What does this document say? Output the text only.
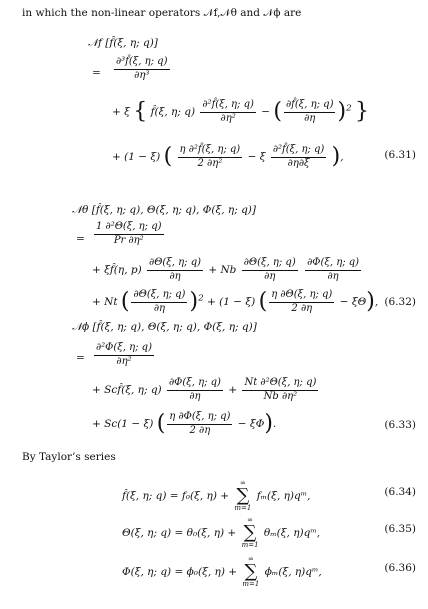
in which the non-linear operators 𝒩f,𝒩θ and 𝒩ϕ are
𝒩f [f̂(ξ, η; q)]
= $\frac{\text{∂³f̂(ξ, η; q)}}{\text{∂η³}}$
+ ξ { f̂(ξ, η; $q) \frac{\text{∂²f̂(ξ, η; q)}}{\text{∂η²}}$ − ( $\frac{\partial f̂(\xi, \eta; q)}{\partial\eta} )^2$ }
+ (1 − ξ) ( $\frac{\text{η ∂²f̂(ξ, η; q)}}{\text{2 ∂η²}} - \xi \frac{\text{∂²f̂(ξ, η; q)}}{\partial\eta\partial\xi}$ ),	(6.31)
𝒩θ [f̂(ξ, η; q), Θ(ξ, η; q), Φ(ξ, η; q)]
= $\frac{\text{1 ∂²Θ(ξ, η; q)}}{\text{Pr ∂η²}}$
+ ξf̂(η, $p) \frac{\partial\Theta(\xi, \eta; q)}{\partial\eta} + Nb \frac{\partial\Theta(\xi, \eta; q)}{\partial\eta}$
$\frac{\partial\Phi(\xi, \eta; q)}{\partial\eta}$
+ Nt ( $\frac{\partial\Theta(\xi, \eta; q)}{\partial\eta} )^2 + (1 - \xi)$ ( $\frac{\eta \partial\Theta(\xi, \eta; q)}{2 \partial\eta} - \xi\Theta$), (6.32)
𝒩ϕ [f̂(ξ, η; q), Θ(ξ, η; q), Φ(ξ, η; q)]
= $\frac{\text{∂²Φ(ξ, η; q)}}{\text{∂η²}}$
+ Scf̂(ξ, η; $q) \frac{\partial\Phi(\xi, \eta; q)}{\partial\eta} + \frac{\text{Nt ∂²Θ(ξ, η; q)}}{\text{Nb ∂η²}}$
+ Sc(1 − ξ) ( $\frac{\eta \partial\Phi(\xi, \eta; q)}{2 \partial\eta} - \xi\Phi$).	(6.33)
By Taylor’s series
f̂(ξ, η; q) = f₀(ξ, η) +
∞
∑
m=1
fₘ(ξ, η)qᵐ,	(6.34)
Θ(ξ, η; q) = θ₀(ξ, η) +
∞
∑
m=1
θₘ(ξ, η)qᵐ,	(6.35)
Φ(ξ, η; q) = ϕ₀(ξ, η) +
∞
∑
m=1
ϕₘ(ξ, η)qᵐ,	(6.36)
